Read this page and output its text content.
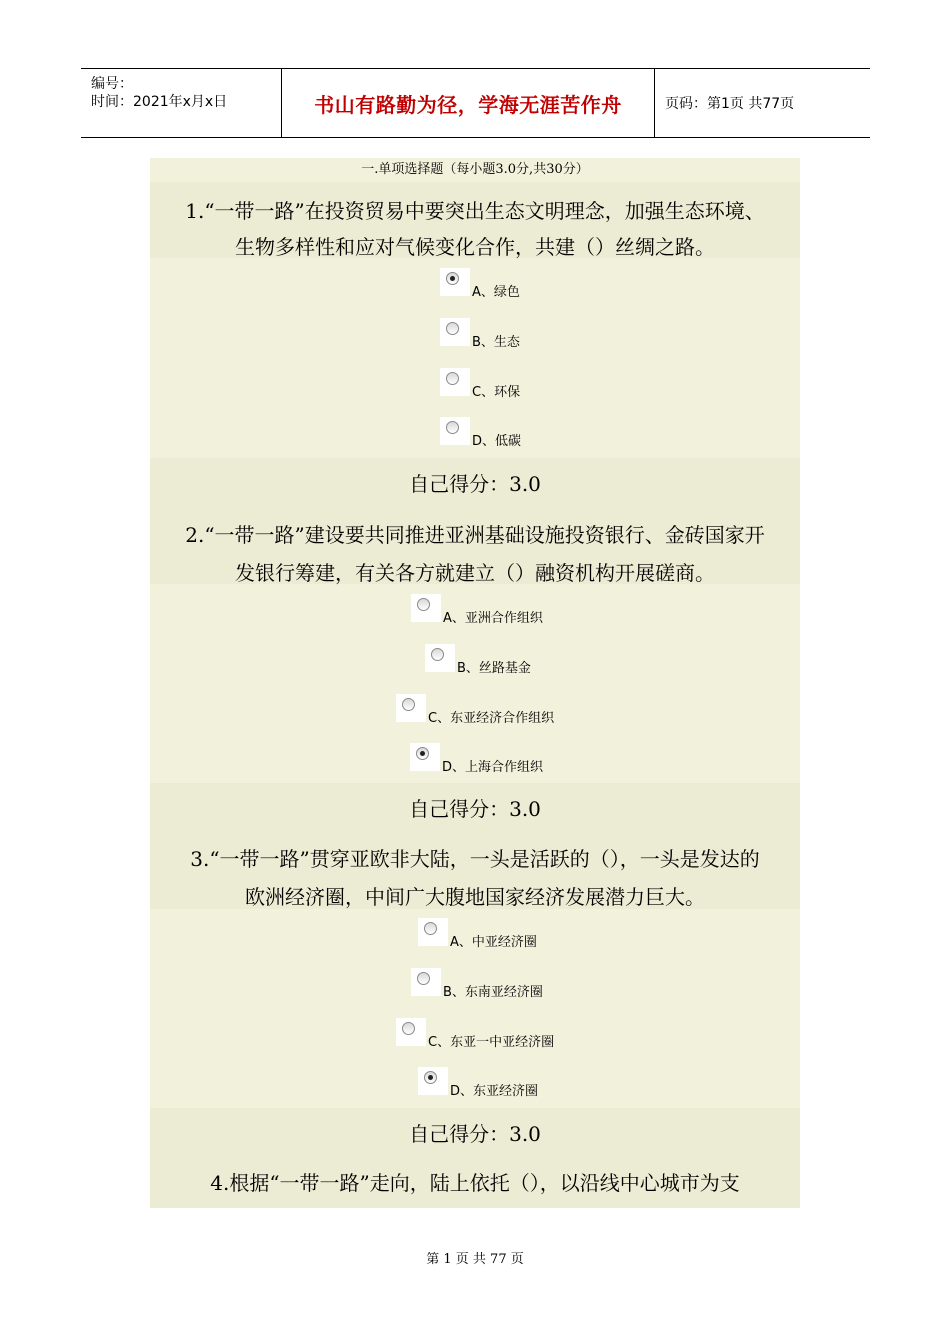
编号：
时间：2021年x月x日	书山有路勤为径，学海无涯苦作舟	页码：第1页 共77页
一.单项选择题（每小题3.0分,共30分）
1.“一带一路”在投资贸易中要突出生态文明理念，加强生态环境、
生物多样性和应对气候变化合作，共建（）丝绸之路。
A、绿色
B、生态
C、环保
D、低碳
自己得分：3.0
2.“一带一路”建设要共同推进亚洲基础设施投资银行、金砖国家开
发银行筹建，有关各方就建立（）融资机构开展磋商。
A、亚洲合作组织
B、丝路基金
C、东亚经济合作组织
D、上海合作组织
自己得分：3.0
3.“一带一路”贯穿亚欧非大陆，一头是活跃的（），一头是发达的
欧洲经济圈，中间广大腹地国家经济发展潜力巨大。
A、中亚经济圈
B、东南亚经济圈
C、东亚一中亚经济圈
D、东亚经济圈
自己得分：3.0
4.根据“一带一路”走向，陆上依托（），以沿线中心城市为支
第 1 页 共 77 页
